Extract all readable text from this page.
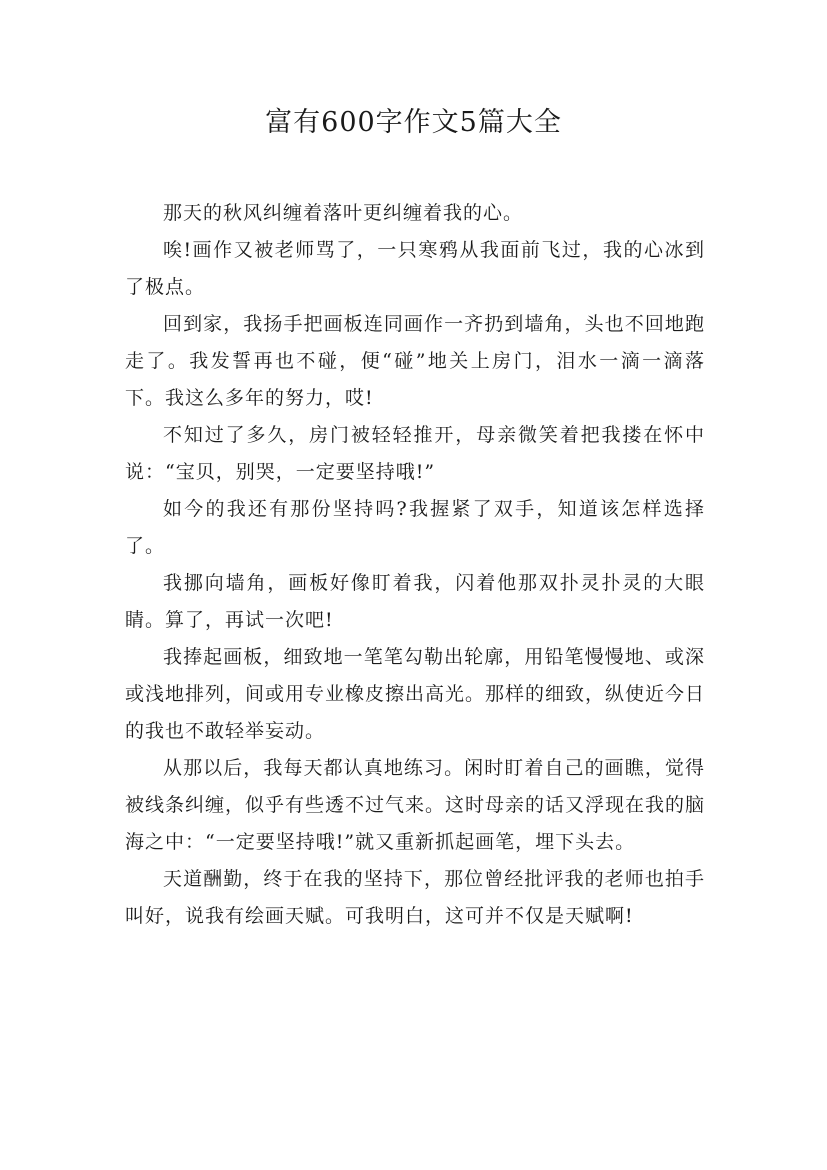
富有600字作文5篇大全

那天的秋风纠缠着落叶更纠缠着我的心。

唉!画作又被老师骂了，一只寒鸦从我面前飞过，我的心冰到了极点。

回到家，我扬手把画板连同画作一齐扔到墙角，头也不回地跑走了。我发誓再也不碰，便“碰”地关上房门，泪水一滴一滴落下。我这么多年的努力，哎!

不知过了多久，房门被轻轻推开，母亲微笑着把我搂在怀中说：“宝贝，别哭，一定要坚持哦!”

如今的我还有那份坚持吗?我握紧了双手，知道该怎样选择了。

我挪向墙角，画板好像盯着我，闪着他那双扑灵扑灵的大眼睛。算了，再试一次吧!

我捧起画板，细致地一笔笔勾勒出轮廓，用铅笔慢慢地、或深或浅地排列，间或用专业橡皮擦出高光。那样的细致，纵使近今日的我也不敢轻举妄动。

从那以后，我每天都认真地练习。闲时盯着自己的画瞧，觉得被线条纠缠，似乎有些透不过气来。这时母亲的话又浮现在我的脑海之中：“一定要坚持哦!”就又重新抓起画笔，埋下头去。

天道酬勤，终于在我的坚持下，那位曾经批评我的老师也拍手叫好，说我有绘画天赋。可我明白，这可并不仅是天赋啊!
